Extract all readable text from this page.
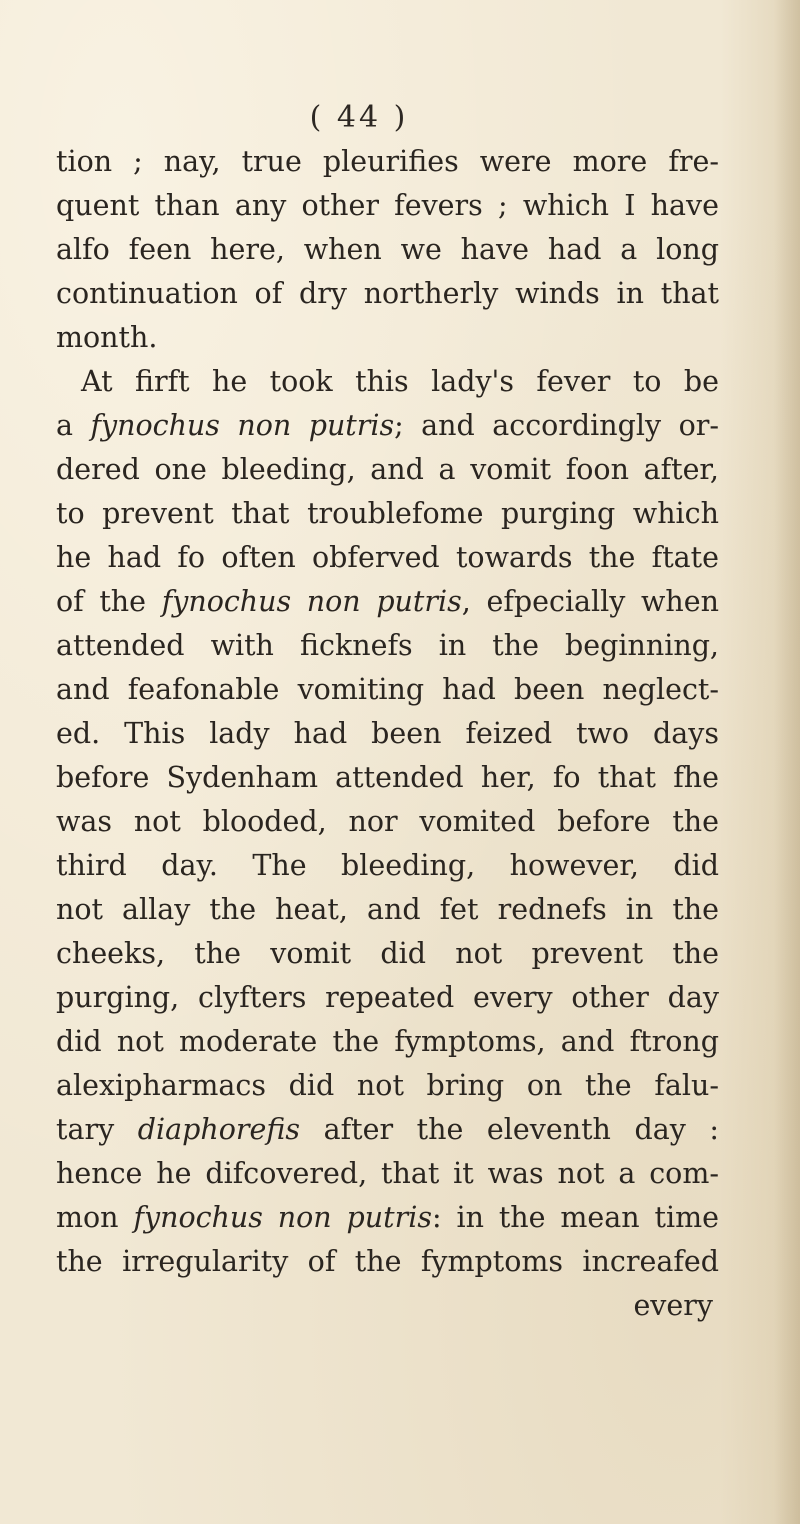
( 44 )
tion ; nay, true pleurifies were more fre-
quent than any other fevers ; which I have
alfo feen here, when we have had a long
continuation of dry northerly winds in that
month.
At firft he took this lady's fever to be
a fynochus non putris; and accordingly or-
dered one bleeding, and a vomit foon after,
to prevent that troublefome purging which
he had fo often obferved towards the ftate
of the fynochus non putris, efpecially when
attended with ficknefs in the beginning,
and feafonable vomiting had been neglect-
ed. This lady had been feized two days
before Sydenham attended her, fo that fhe
was not blooded, nor vomited before the
third day. The bleeding, however, did
not allay the heat, and fet rednefs in the
cheeks, the vomit did not prevent the
purging, clyfters repeated every other day
did not moderate the fymptoms, and ftrong
alexipharmacs did not bring on the falu-
tary diaphorefis after the eleventh day :
hence he difcovered, that it was not a com-
mon fynochus non putris: in the mean time
the irregularity of the fymptoms increafed
every
